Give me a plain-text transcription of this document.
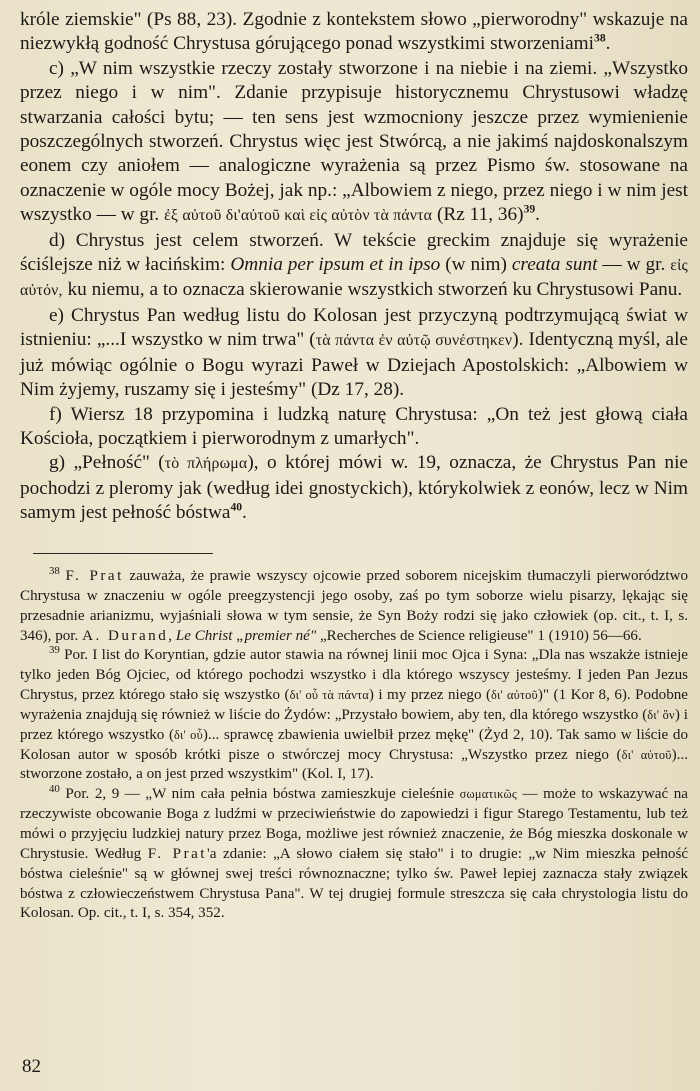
króle ziemskie" (Ps 88, 23). Zgodnie z kontekstem słowo „pierworodny" wskazuje na niezwykłą godność Chrystusa górującego ponad wszystkimi stworzeniami$^{38}$.

c) „W nim wszystkie rzeczy zostały stworzone i na niebie i na ziemi. „Wszystko przez niego i w nim". Zdanie przypisuje historycznemu Chrystusowi władzę stwarzania całości bytu; — ten sens jest wzmocniony jeszcze przez wymienienie poszczególnych stworzeń. Chrystus więc jest Stwórcą, a nie jakimś najdoskonalszym eonem czy aniołem — analogiczne wyrażenia są przez Pismo św. stosowane na oznaczenie w ogóle mocy Bożej, jak np.: „Albowiem z niego, przez niego i w nim jest wszystko — w gr. ἐξ αὐτοῦ δι'αὐτοῦ καὶ εἰς αὐτὸν τὰ πάντα (Rz 11, 36)$^{39}$.

d) Chrystus jest celem stworzeń. W tekście greckim znajduje się wyrażenie ściślejsze niż w łacińskim: Omnia per ipsum et in ipso (w nim) creata sunt — w gr. εἰς αὐτόν, ku niemu, a to oznacza skierowanie wszystkich stworzeń ku Chrystusowi Panu.

e) Chrystus Pan według listu do Kolosan jest przyczyną podtrzymującą świat w istnieniu: „...I wszystko w nim trwa" (τὰ πάντα ἐν αὐτῷ συνέστηκεν). Identyczną myśl, ale już mówiąc ogólnie o Bogu wyrazi Paweł w Dziejach Apostolskich: „Albowiem w Nim żyjemy, ruszamy się i jesteśmy" (Dz 17, 28).

f) Wiersz 18 przypomina i ludzką naturę Chrystusa: „On też jest głową ciała Kościoła, początkiem i pierworodnym z umarłych".

g) „Pełność" (τὸ πλήρωμα), o której mówi w. 19, oznacza, że Chrystus Pan nie pochodzi z pleromy jak (według idei gnostyckich), którykolwiek z eonów, lecz w Nim samym jest pełność bóstwa$^{40}$.

$^{38}$ F. Prat zauważa, że prawie wszyscy ojcowie przed soborem nicejskim tłumaczyli pierworództwo Chrystusa w znaczeniu w ogóle preegzystencji jego osoby, zaś po tym soborze wielu pisarzy, lękając się przesadnie arianizmu, wyjaśniali słowa w tym sensie, że Syn Boży rodzi się jako człowiek (op. cit., t. I, s. 346), por. A. Durand, Le Christ „premier né" „Recherches de Science religieuse" 1 (1910) 56—66.

$^{39}$ Por. I list do Koryntian, gdzie autor stawia na równej linii moc Ojca i Syna: „Dla nas wszakże istnieje tylko jeden Bóg Ojciec, od którego pochodzi wszystko i dla którego wszyscy jesteśmy. I jeden Pan Jezus Chrystus, przez którego stało się wszystko (δι' οὗ τὰ πάντα) i my przez niego (δι' αὐτοῦ)" (1 Kor 8, 6). Podobne wyrażenia znajdują się również w liście do Żydów: „Przystało bowiem, aby ten, dla którego wszystko (δι' ὅν) i przez którego wszystko (δι' οὗ)... sprawcę zbawienia uwielbił przez mękę" (Żyd 2, 10). Tak samo w liście do Kolosan autor w sposób krótki pisze o stwórczej mocy Chrystusa: „Wszystko przez niego (δι' αὐτοῦ)... stworzone zostało, a on jest przed wszystkim" (Kol. I, 17).

$^{40}$ Por. 2, 9 — „W nim cała pełnia bóstwa zamieszkuje cieleśnie σωματικῶς — może to wskazywać na rzeczywiste obcowanie Boga z ludźmi w przeciwieństwie do zapowiedzi i figur Starego Testamentu, lub też mówi o przyjęciu ludzkiej natury przez Boga, możliwe jest również znaczenie, że Bóg mieszka doskonale w Chrystusie. Według F. Prat'a zdanie: „A słowo ciałem się stało" i to drugie: „w Nim mieszka pełność bóstwa cieleśnie" są w głównej swej treści równoznaczne; tylko św. Paweł lepiej zaznacza stały związek bóstwa z człowieczeństwem Chrystusa Pana". W tej drugiej formule streszcza się cała chrystologia listu do Kolosan. Op. cit., t. I, s. 354, 352.

82
